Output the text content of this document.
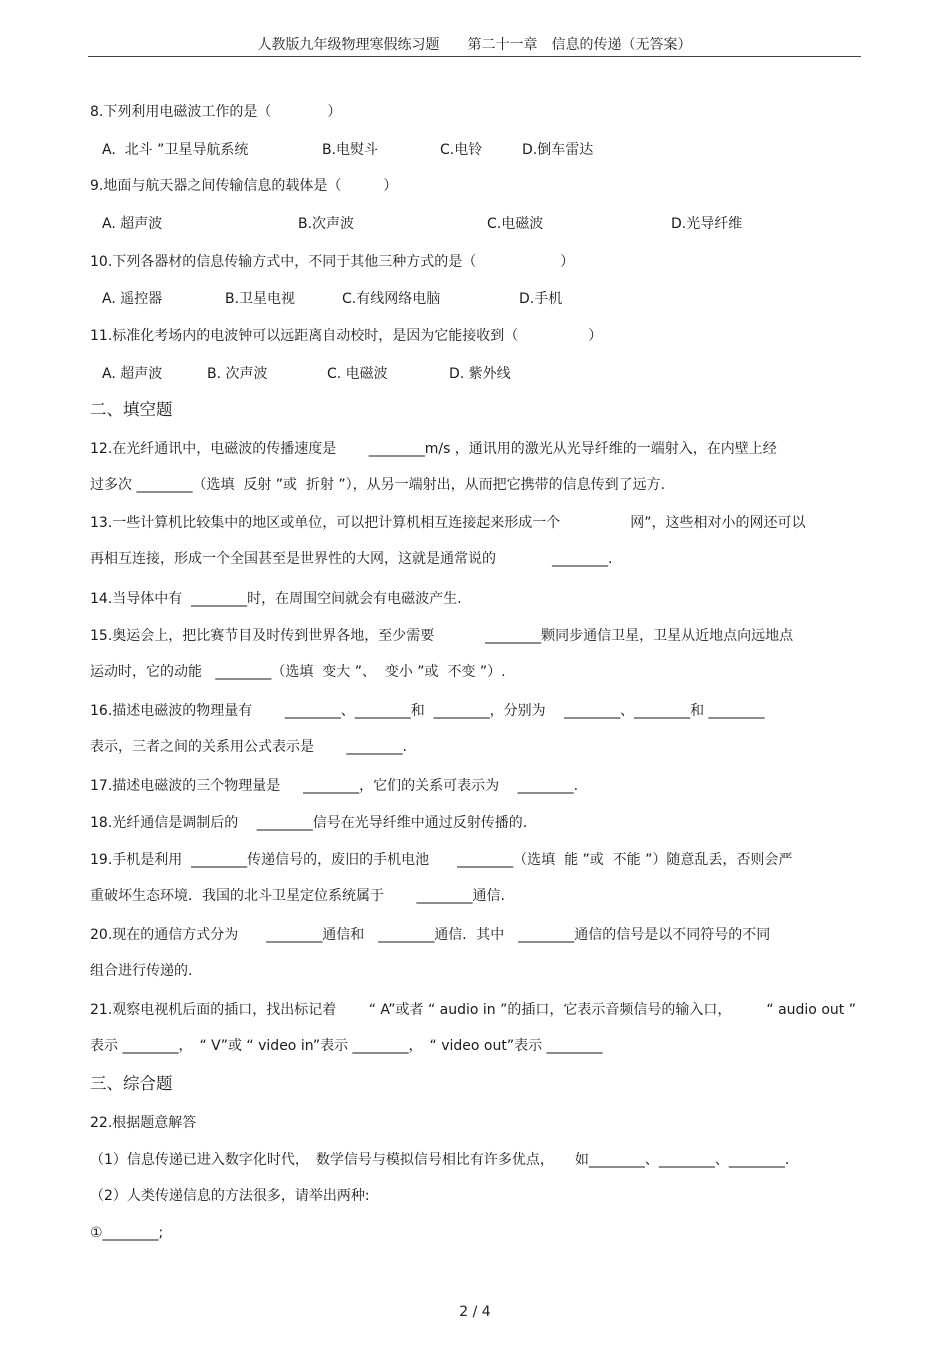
人教版九年级物理寒假练习题　　第二十一章　信息的传递（无答案）
8.下列利用电磁波工作的是（　　　　）
A.  北斗 ”卫星导航系统	B.电熨斗	C.电铃	D.倒车雷达
9.地面与航天器之间传输信息的载体是（　　　）
A. 超声波	B.次声波	C.电磁波	D.光导纤维
10.下列各器材的信息传输方式中，不同于其他三种方式的是（　　　　　　）
A. 遥控器	B.卫星电视	C.有线网络电脑	D.手机
11.标准化考场内的电波钟可以远距离自动校时，是因为它能接收到（　　　　　）
A. 超声波	B. 次声波	C. 电磁波	D. 紫外线
二、填空题
12.在光纤通讯中，电磁波的传播速度是　　 ________m/s ，通讯用的激光从光导纤维的一端射入，在内壁上经
过多次 ________（选填  反射 ”或  折射 ”），从另一端射出，从而把它携带的信息传到了远方.
13.一些计算机比较集中的地区或单位，可以把计算机相互连接起来形成一个　　　　　网”，这些相对小的网还可以
再相互连接，形成一个全国甚至是世界性的大网，这就是通常说的　　　　________.
14.当导体中有  ________时，在周围空间就会有电磁波产生.
15.奥运会上，把比赛节目及时传到世界各地，至少需要　　　  ________颗同步通信卫星，卫星从近地点向远地点
运动时，它的动能   ________（选填  变大 ”、  变小 ”或  不变 ”）.
16.描述电磁波的物理量有　　 ________、________和  ________，分别为　 ________、________和 ________
表示，三者之间的关系用公式表示是　　 ________.
17.描述电磁波的三个物理量是　  ________，它们的关系可表示为　 ________.
18.光纤通信是调制后的　 ________信号在光导纤维中通过反射传播的.
19.手机是利用  ________传递信号的，废旧的手机电池　　________（选填  能 ”或  不能 ”）随意乱丢，否则会严
重破坏生态环境．我国的北斗卫星定位系统属于　　 ________通信.
20.现在的通信方式分为　　________通信和　________通信．其中　________通信的信号是以不同符号的不同
组合进行传递的.
21.观察电视机后面的插口，找出标记着　　 “ A”或者 “ audio in ”的插口，它表示音频信号的输入口，　　　“ audio out ”
表示 ________，　“ V”或 “ video in”表示 ________，　“ video out”表示 ________
三、综合题
22.根据题意解答
（1）信息传递已进入数字化时代，　数学信号与模拟信号相比有许多优点，　　如________、________、________.
（2）人类传递信息的方法很多，请举出两种:
①________;
2 / 4
